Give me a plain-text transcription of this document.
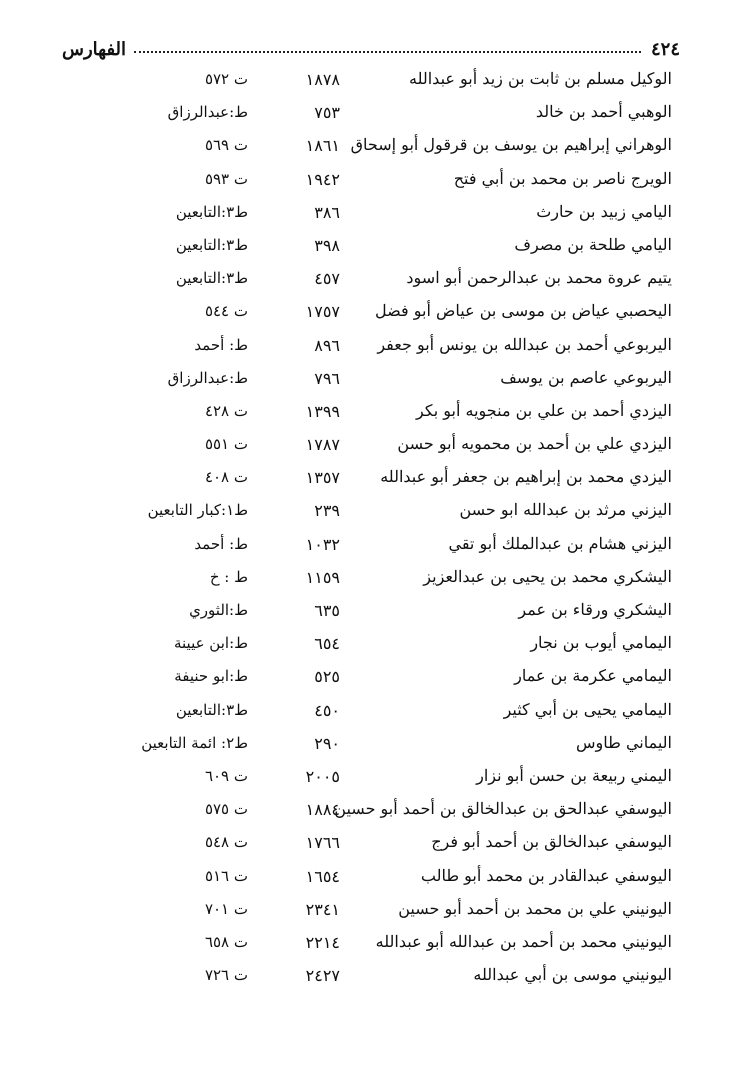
٤٢٤
الفهارس
الوكيل مسلم بن ثابت بن زيد أبو عبدالله
١٨٧٨
ت ٥٧٢
الوهبي أحمد بن خالد
٧٥٣
ط:عبدالرزاق
الوهراني إبراهيم بن يوسف بن قرقول أبو إسحاق
١٨٦١
ت ٥٦٩
الويرج ناصر بن محمد بن أبي فتح
١٩٤٢
ت ٥٩٣
اليامي زبيد بن حارث
٣٨٦
ط٣:التابعين
اليامي طلحة بن مصرف
٣٩٨
ط٣:التابعين
يتيم عروة محمد بن عبدالرحمن أبو اسود
٤٥٧
ط٣:التابعين
اليحصبي عياض بن موسى بن عياض أبو فضل
١٧٥٧
ت ٥٤٤
اليربوعي أحمد بن عبدالله بن يونس أبو جعفر
٨٩٦
ط: أحمد
اليربوعي عاصم بن يوسف
٧٩٦
ط:عبدالرزاق
اليزدي أحمد بن علي بن منجويه أبو بكر
١٣٩٩
ت ٤٢٨
اليزدي علي بن أحمد بن محمويه أبو حسن
١٧٨٧
ت ٥٥١
اليزدي محمد بن إبراهيم بن جعفر أبو عبدالله
١٣٥٧
ت ٤٠٨
اليزني مرثد بن عبدالله ابو حسن
٢٣٩
ط١:كبار التابعين
اليزني هشام بن عبدالملك أبو تقي
١٠٣٢
ط: أحمد
اليشكري محمد بن يحيى بن عبدالعزيز
١١٥٩
ط : خ
اليشكري ورقاء بن عمر
٦٣٥
ط:الثوري
اليمامي أيوب بن نجار
٦٥٤
ط:ابن عيينة
اليمامي عكرمة بن عمار
٥٢٥
ط:ابو حنيفة
اليمامي يحيى بن أبي كثير
٤٥٠
ط٣:التابعين
اليماني طاوس
٢٩٠
ط٢: ائمة التابعين
اليمني ربيعة بن حسن أبو نزار
٢٠٠٥
ت ٦٠٩
اليوسفي عبدالحق بن عبدالخالق بن أحمد أبو حسين
١٨٨٤
ت ٥٧٥
اليوسفي عبدالخالق بن أحمد أبو فرج
١٧٦٦
ت ٥٤٨
اليوسفي عبدالقادر بن محمد أبو طالب
١٦٥٤
ت ٥١٦
اليونيني علي بن محمد بن أحمد أبو حسين
٢٣٤١
ت ٧٠١
اليونيني محمد بن أحمد بن عبدالله أبو عبدالله
٢٢١٤
ت ٦٥٨
اليونيني موسى بن أبي عبدالله
٢٤٢٧
ت ٧٢٦
